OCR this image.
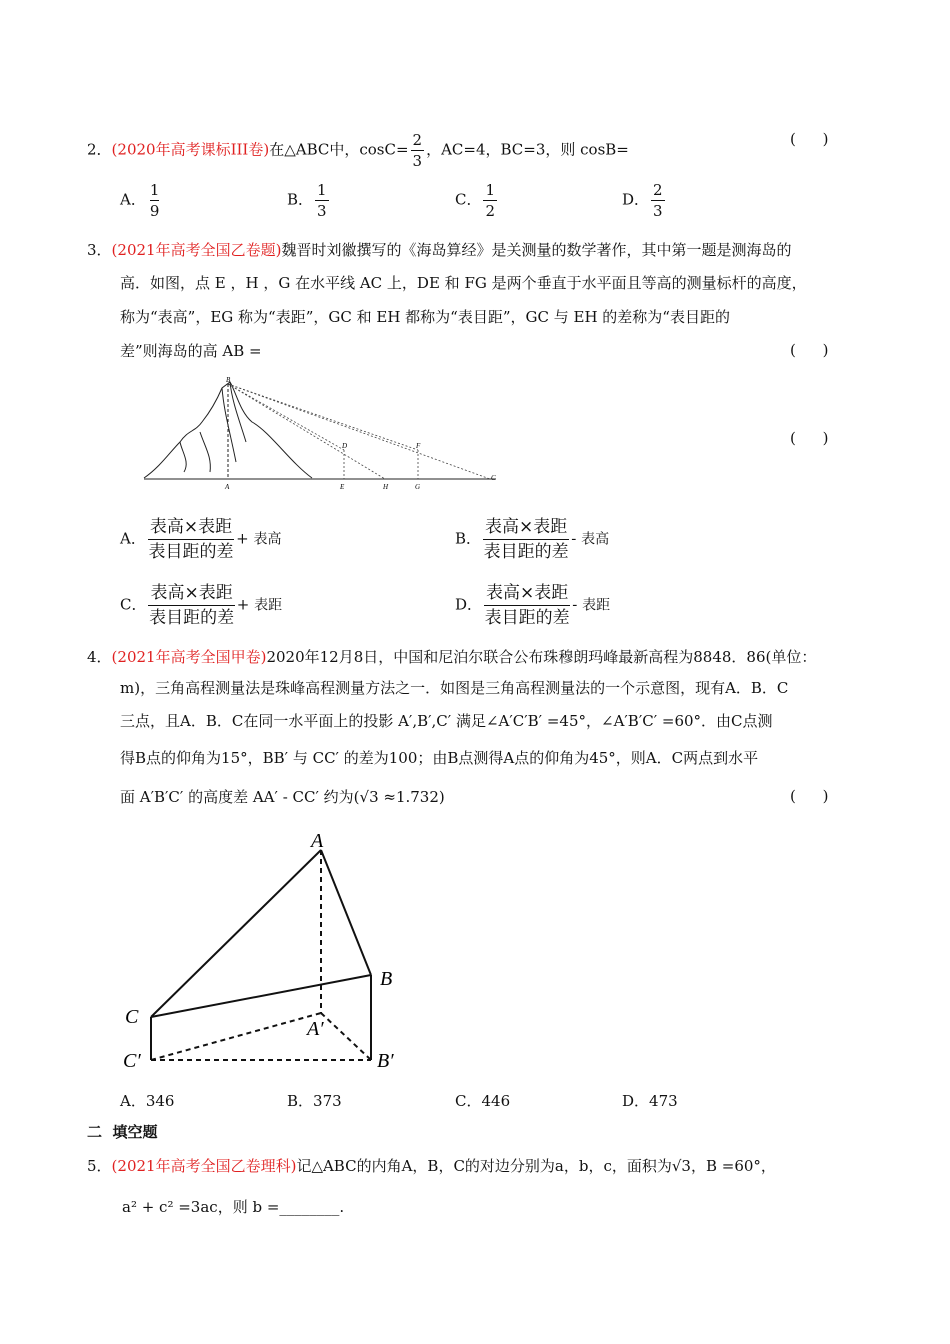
2．(2020年高考课标III卷)在△ABC中，$\cos C= \frac{2}{3}$ ，AC=4，BC=3，则 cosB=
( )
A． $\frac{1}{9}$	B． $\frac{1}{3}$	C． $\frac{1}{2}$	D． $\frac{2}{3}$
3．(2021年高考全国乙卷题)魏晋时刘徽撰写的《海岛算经》是关测量的数学著作，其中第一题是测海岛的
高．如图，点 E ，H ，G 在水平线 AC 上，DE 和 FG 是两个垂直于水平面且等高的测量标杆的高度，
称为“表高”，EG 称为“表距”，GC 和 EH 都称为“表目距”，GC 与 EH 的差称为“表目距的
差”则海岛的高 AB =	( )
( )
B
A
D
E	H
F
G
C
A． $\frac{\text{表高×表距}}{\text{表目距的差}}$ + 表高	B． $\frac{\text{表高×表距}}{\text{表目距的差}}$ - 表高
C． $\frac{\text{表高×表距}}{\text{表目距的差}}$ + 表距	D． $\frac{\text{表高×表距}}{\text{表目距的差}}$ - 表距
4．(2021年高考全国甲卷)2020年12月8日，中国和尼泊尔联合公布珠穆朗玛峰最新高程为8848．86(单位：
m)，三角高程测量法是珠峰高程测量方法之一．如图是三角高程测量法的一个示意图，现有A．B．C
三点，且A．B．C在同一水平面上的投影 A′,B′,C′ 满足∠A′C′B′ =45°，∠A′B′C′ =60°．由C点测
得B点的仰角为15°，BB′ 与 CC′ 的差为100；由B点测得A点的仰角为45°，则A．C两点到水平
面 A′B′C′ 的高度差 AA′ - CC′ 约为(√3 ≈1.732)	( )
A
B
C
A′
B′
C′
A．346	B．373	C．446	D．473
二  填空题
5．(2021年高考全国乙卷理科)记△ABC的内角A，B，C的对边分别为a，b，c，面积为√3，B =60°，
a² + c² =3ac，则 b =________.
